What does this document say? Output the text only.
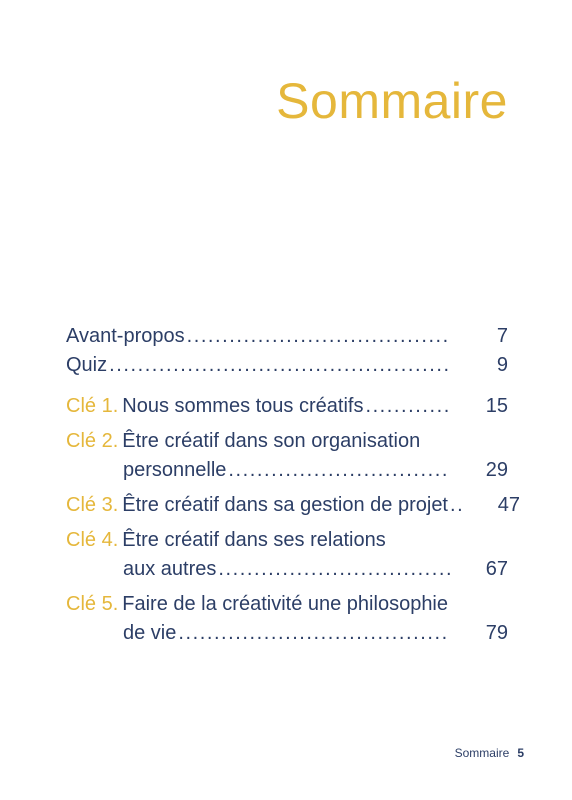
Sommaire
Avant-propos . . .	7
Quiz . . .	9
Clé 1. Nous sommes tous créatifs . . .	15
Clé 2. Être créatif dans son organisation
personnelle . . .	29
Clé 3. Être créatif dans sa gestion de projet . . .	47
Clé 4. Être créatif dans ses relations
aux autres . . .	67
Clé 5. Faire de la créativité une philosophie
de vie . . .	79
Sommaire 5
